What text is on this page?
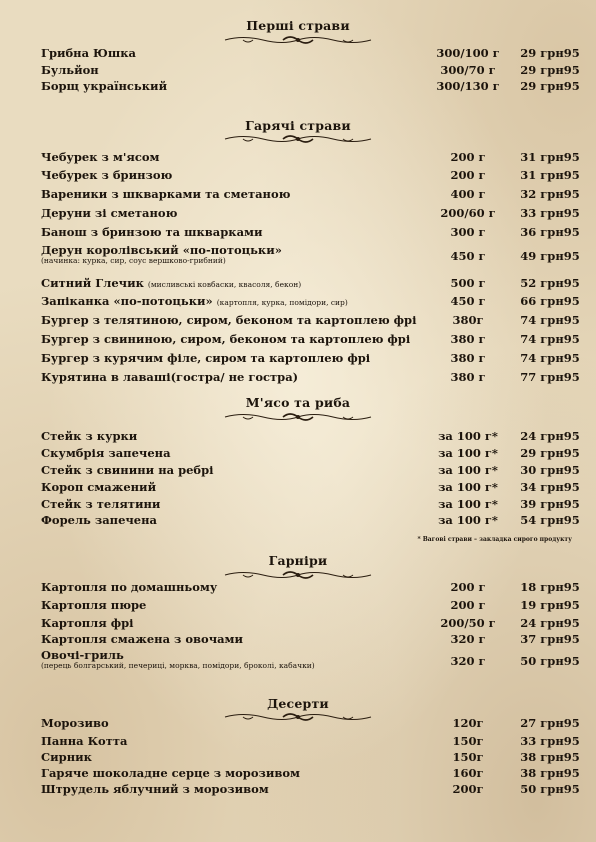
Перші страви
Грибна Юшка	300/100 г	29 грн95
Бульйон	300/70 г	29 грн95
Борщ український	300/130 г	29 грн95
Гарячі страви
Чебурек з м'ясом	200 г	31 грн95
Чебурек з бринзою	200 г	31 грн95
Вареники з шкварками та сметаною	400 г	32 грн95
Деруни зі сметаною	200/60 г	33 грн95
Банош з бринзою та шкварками	300 г	36 грн95
Дерун королівський «по-потоцьки»
(начинка: курка, сир, соус вершково-грибний)	450 г	49 грн95
Ситний Глечик (мисливські ковбаски, квасоля, бекон)	500 г	52 грн95
Запіканка «по-потоцьки» (картопля, курка, помідори, сир)	450 г	66 грн95
Бургер з телятиною, сиром, беконом та картоплею фрі	380г	74 грн95
Бургер з свининою, сиром, беконом та картоплею фрі	380 г	74 грн95
Бургер з курячим філе, сиром та картоплею фрі	380 г	74 грн95
Курятина в лаваші(гостра/ не гостра)	380 г	77 грн95
М'ясо та риба
Стейк з курки	за 100 г*	24 грн95
Скумбрія запечена	за 100 г*	29 грн95
Стейк з свинини на ребрі	за 100 г*	30 грн95
Короп смажений	за 100 г*	34 грн95
Стейк з телятини	за 100 г*	39 грн95
Форель запечена	за 100 г*	54 грн95
* Вагові страви – закладка сирого продукту
Гарніри
Картопля по домашньому	200 г	18 грн95
Картопля пюре	200 г	19 грн95
Картопля фрі	200/50 г	24 грн95
Картопля смажена з овочами	320 г	37 грн95
Овочі-гриль
(перець болгарський, печериці, морква, помідори, броколі, кабачки)	320 г	50 грн95
Десерти
Морозиво	120г	27 грн95
Панна Котта	150г	33 грн95
Сирник	150г	38 грн95
Гаряче шоколадне серце з морозивом	160г	38 грн95
Штрудель яблучний з морозивом	200г	50 грн95
